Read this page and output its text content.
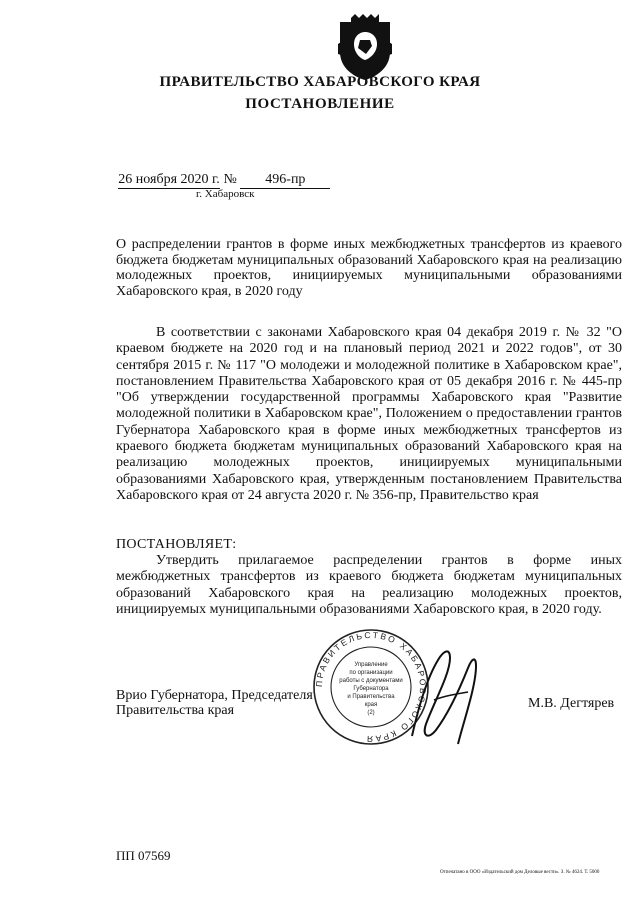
ПРАВИТЕЛЬСТВО ХАБАРОВСКОГО КРАЯ
ПОСТАНОВЛЕНИЕ
26 ноября 2020 г. № 496-пр
г. Хабаровск
О распределении грантов в форме иных межбюджетных трансфертов из краевого бюджета бюджетам муниципальных образований Хабаровского края на реализацию молодежных проектов, инициируемых муниципальными образованиями Хабаровского края, в 2020 году

В соответствии с законами Хабаровского края 04 декабря 2019 г. № 32 "О краевом бюджете на 2020 год и на плановый период 2021 и 2022 годов", от 30 сентября 2015 г. № 117 "О молодежи и молодежной политике в Хабаровском крае", постановлением Правительства Хабаровского края от 05 декабря 2016 г. № 445-пр "Об утверждении государственной программы Хабаровского края "Развитие молодежной политики в Хабаровском крае", Положением о предоставлении грантов Губернатора Хабаровского края в форме иных межбюджетных трансфертов из краевого бюджета бюджетам муниципальных образований Хабаровского края на реализацию молодежных проектов, инициируемых муниципальными образованиями Хабаровского края, утвержденным постановлением Правительства Хабаровского края от 24 августа 2020 г. № 356-пр, Правительство края

ПОСТАНОВЛЯЕТ:
Утвердить прилагаемое распределении грантов в форме иных межбюджетных трансфертов из краевого бюджета бюджетам муниципальных образований Хабаровского края на реализацию молодежных проектов, инициируемых муниципальными образованиями Хабаровского края, в 2020 году.
ПРАВИТЕЛЬСТВО ХАБАРОВСКОГО КРАЯ
Управление
по организации
работы с документами
Губернатора
и Правительства
края
(2)
Врио Губернатора, Председателя
Правительства края	М.В. Дегтярев
ПП 07569
Отпечатано в ООО «Издательский дом Деловые вести». З. № 4624. Т. 5000
